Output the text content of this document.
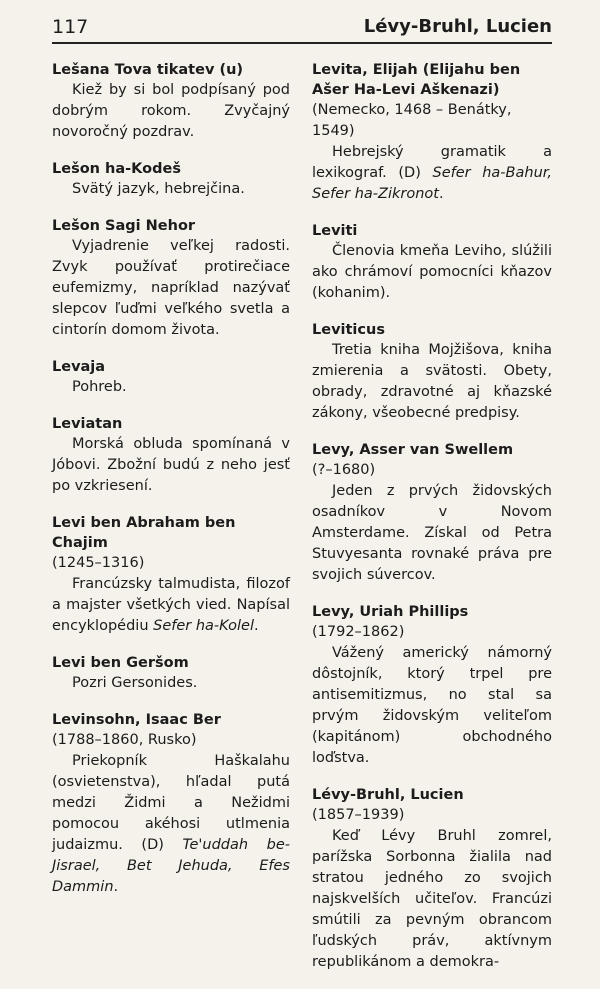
117	Lévy-Bruhl, Lucien
Lešana Tova tikatev (u)
Kiež by si bol podpísaný pod dobrým rokom. Zvyčajný novoročný pozdrav.
Lešon ha-Kodeš
Svätý jazyk, hebrejčina.
Lešon Sagi Nehor
Vyjadrenie veľkej radosti. Zvyk používať protirečiace eufemizmy, napríklad nazývať slepcov ľuďmi veľkého svetla a cintorín domom života.
Levaja
Pohreb.
Leviatan
Morská obluda spomínaná v Jóbovi. Zbožní budú z neho jesť po vzkriesení.
Levi ben Abraham ben Chajim
(1245–1316)
Francúzsky talmudista, filozof a majster všetkých vied. Napísal encyklopédiu Sefer ha-Kolel.
Levi ben Geršom
Pozri Gersonides.
Levinsohn, Isaac Ber
(1788–1860, Rusko)
Priekopník Haškalahu (osvietenstva), hľadal putá medzi Židmi a Nežidmi pomocou akéhosi utlmenia judaizmu. (D) Te'uddah be-Jisrael, Bet Jehuda, Efes Dammin.
Levita, Elijah (Elijahu ben Ašer Ha-Levi Aškenazi)
(Nemecko, 1468 – Benátky, 1549)
Hebrejský gramatik a lexikograf. (D) Sefer ha-Bahur, Sefer ha-Zikronot.
Leviti
Členovia kmeňa Leviho, slúžili ako chrámoví pomocníci kňazov (kohanim).
Leviticus
Tretia kniha Mojžišova, kniha zmierenia a svätosti. Obety, obrady, zdravotné aj kňazské zákony, všeobecné predpisy.
Levy, Asser van Swellem
(?–1680)
Jeden z prvých židovských osadníkov v Novom Amsterdame. Získal od Petra Stuvyesanta rovnaké práva pre svojich súvercov.
Levy, Uriah Phillips
(1792–1862)
Vážený americký námorný dôstojník, ktorý trpel pre antisemitizmus, no stal sa prvým židovským veliteľom (kapitánom) obchodného loďstva.
Lévy-Bruhl, Lucien
(1857–1939)
Keď Lévy Bruhl zomrel, parížska Sorbonna žialila nad stratou jedného zo svojich najskvelších učiteľov. Francúzi smútili za pevným obrancom ľudských práv, aktívnym republikánom a demokra-
